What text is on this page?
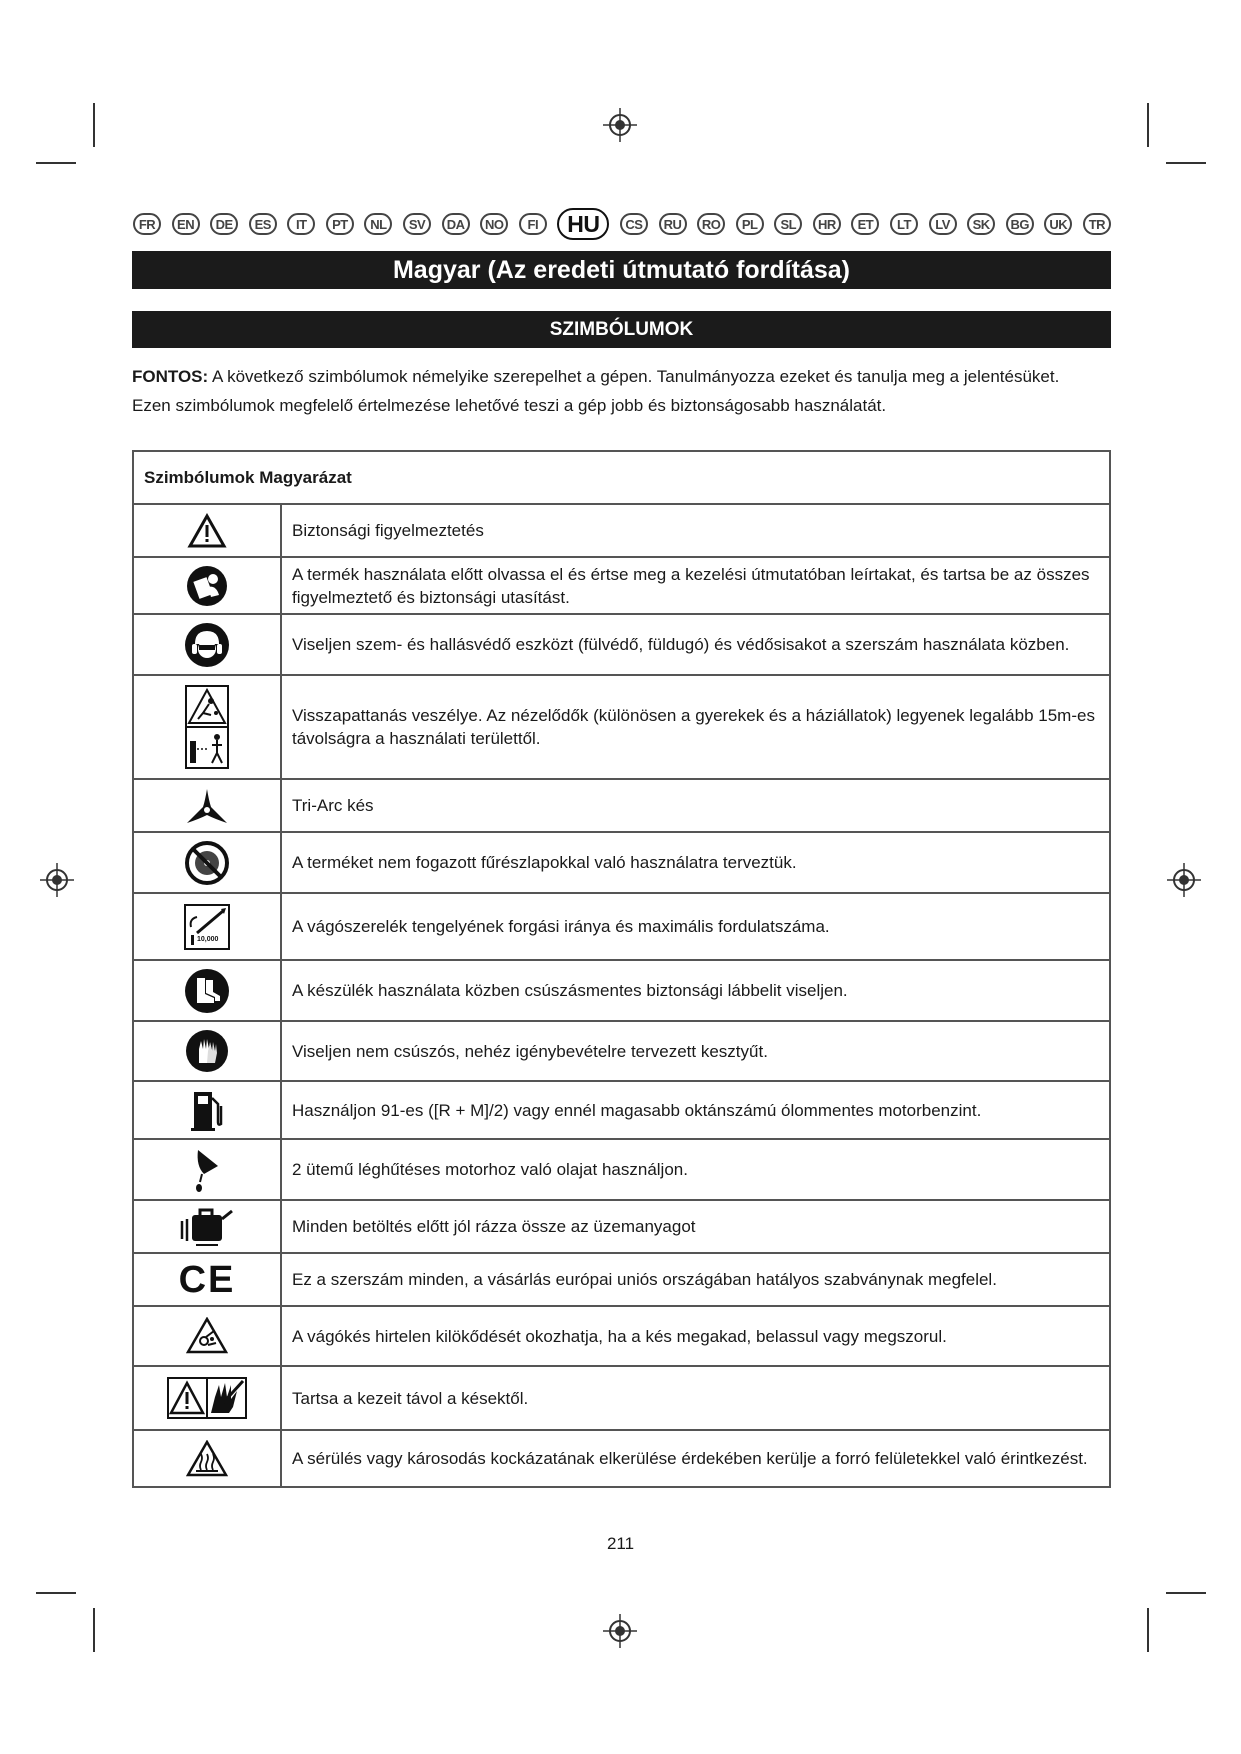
FR	EN	DE	ES	IT	PT	NL	SV	DA	NO	FI	HU	CS	RU	RO	PL	SL	HR	ET	LT	LV	SK	BG	UK	TR
Magyar (Az eredeti útmutató fordítása)
SZIMBÓLUMOK

FONTOS: A következő szimbólumok némelyike szerepelhet a gépen. Tanulmányozza ezeket és tanulja meg a jelentésüket.

Ezen szimbólumok megfelelő értelmezése lehetővé teszi a gép jobb és biztonságosabb használatát.

Szimbólumok Magyarázat	

	Biztonsági figyelmeztetés

	A termék használata előtt olvassa el és értse meg a kezelési útmutatóban leírtakat, és tartsa be az összes figyelmeztető és biztonsági utasítást.

	Viseljen szem- és hallásvédő eszközt (fülvédő, füldugó) és védősisakot a szerszám használata közben.

	Visszapattanás veszélye. Az nézelődők (különösen a gyerekek és a háziállatok) legyenek legalább 15m-es távolságra a használati területtől.

	Tri-Arc kés

	A terméket nem fogazott fűrészlapokkal való használatra terveztük.

10,000	A vágószerelék tengelyének forgási iránya és maximális fordulatszáma.

	A készülék használata közben csúszásmentes biztonsági lábbelit viseljen.

	Viseljen nem csúszós, nehéz igénybevételre tervezett kesztyűt.

	Használjon 91-es ([R + M]/2) vagy ennél magasabb oktánszámú ólommentes motorbenzint.

	2 ütemű léghűtéses motorhoz való olajat használjon.

	Minden betöltés előtt jól rázza össze az üzemanyagot

CE	Ez a szerszám minden, a vásárlás európai uniós országában hatályos szabványnak megfelel.

	A vágókés hirtelen kilökődését okozhatja, ha a kés megakad, belassul vagy megszorul.

	Tartsa a kezeit távol a késektől.

	A sérülés vagy károsodás kockázatának elkerülése érdekében kerülje a forró felületekkel való érintkezést.
211
